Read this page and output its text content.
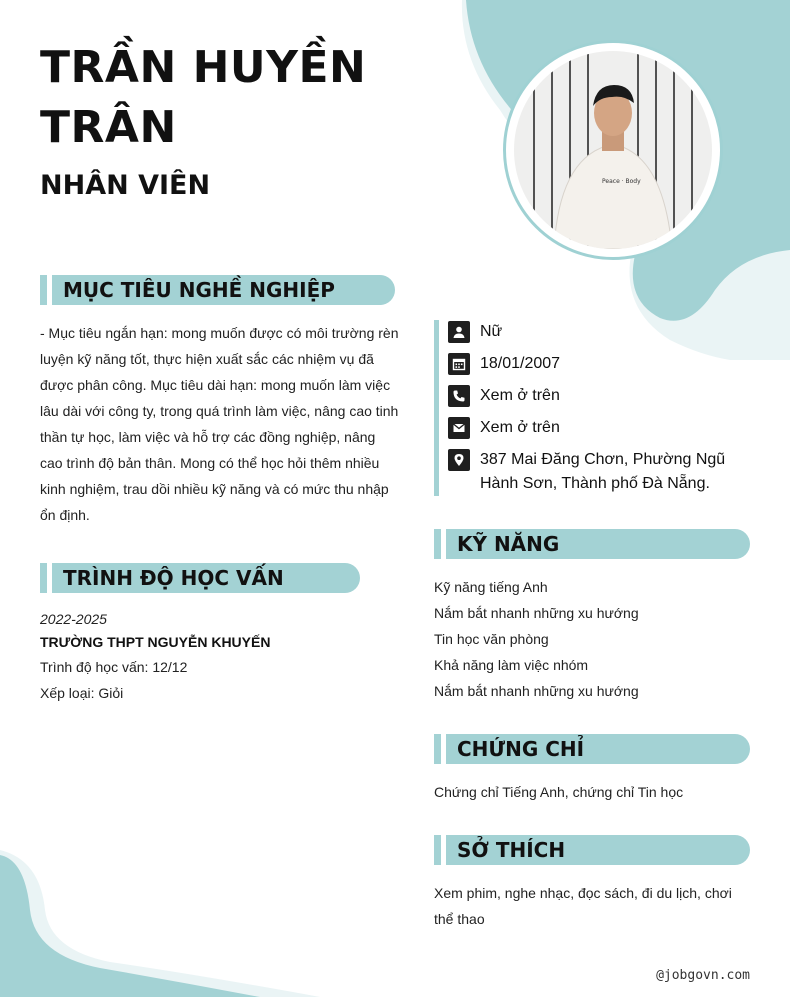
TRẦN HUYỀN
TRÂN
NHÂN VIÊN	Peace · Body
MỤC TIÊU NGHỀ NGHIỆP

- Mục tiêu ngắn hạn: mong muốn được có môi trường rèn luyện kỹ năng tốt, thực hiện xuất sắc các nhiệm vụ đã được phân công. Mục tiêu dài hạn: mong muốn làm việc lâu dài với công ty, trong quá trình làm việc, nâng cao tinh thần tự học, làm việc và hỗ trợ các đồng nghiệp, nâng cao trình độ bản thân. Mong có thể học hỏi thêm nhiều kinh nghiệm, trau dồi nhiều kỹ năng và có mức thu nhập ổn định.

TRÌNH ĐỘ HỌC VẤN
2022-2025
TRƯỜNG THPT NGUYỄN KHUYẾN
Trình độ học vấn: 12/12
Xếp loại: Giỏi
Nữ
18/01/2007
Xem ở trên
Xem ở trên
387 Mai Đăng Chơn, Phường Ngũ Hành Sơn, Thành phố Đà Nẵng.
KỸ NĂNG
Kỹ năng tiếng Anh
Nắm bắt nhanh những xu hướng
Tin học văn phòng
Khả năng làm việc nhóm
Nắm bắt nhanh những xu hướng
CHỨNG CHỈ

Chứng chỉ Tiếng Anh, chứng chỉ Tin học

SỞ THÍCH

Xem phim, nghe nhạc, đọc sách, đi du lịch, chơi thể thao

@jobgovn.com
